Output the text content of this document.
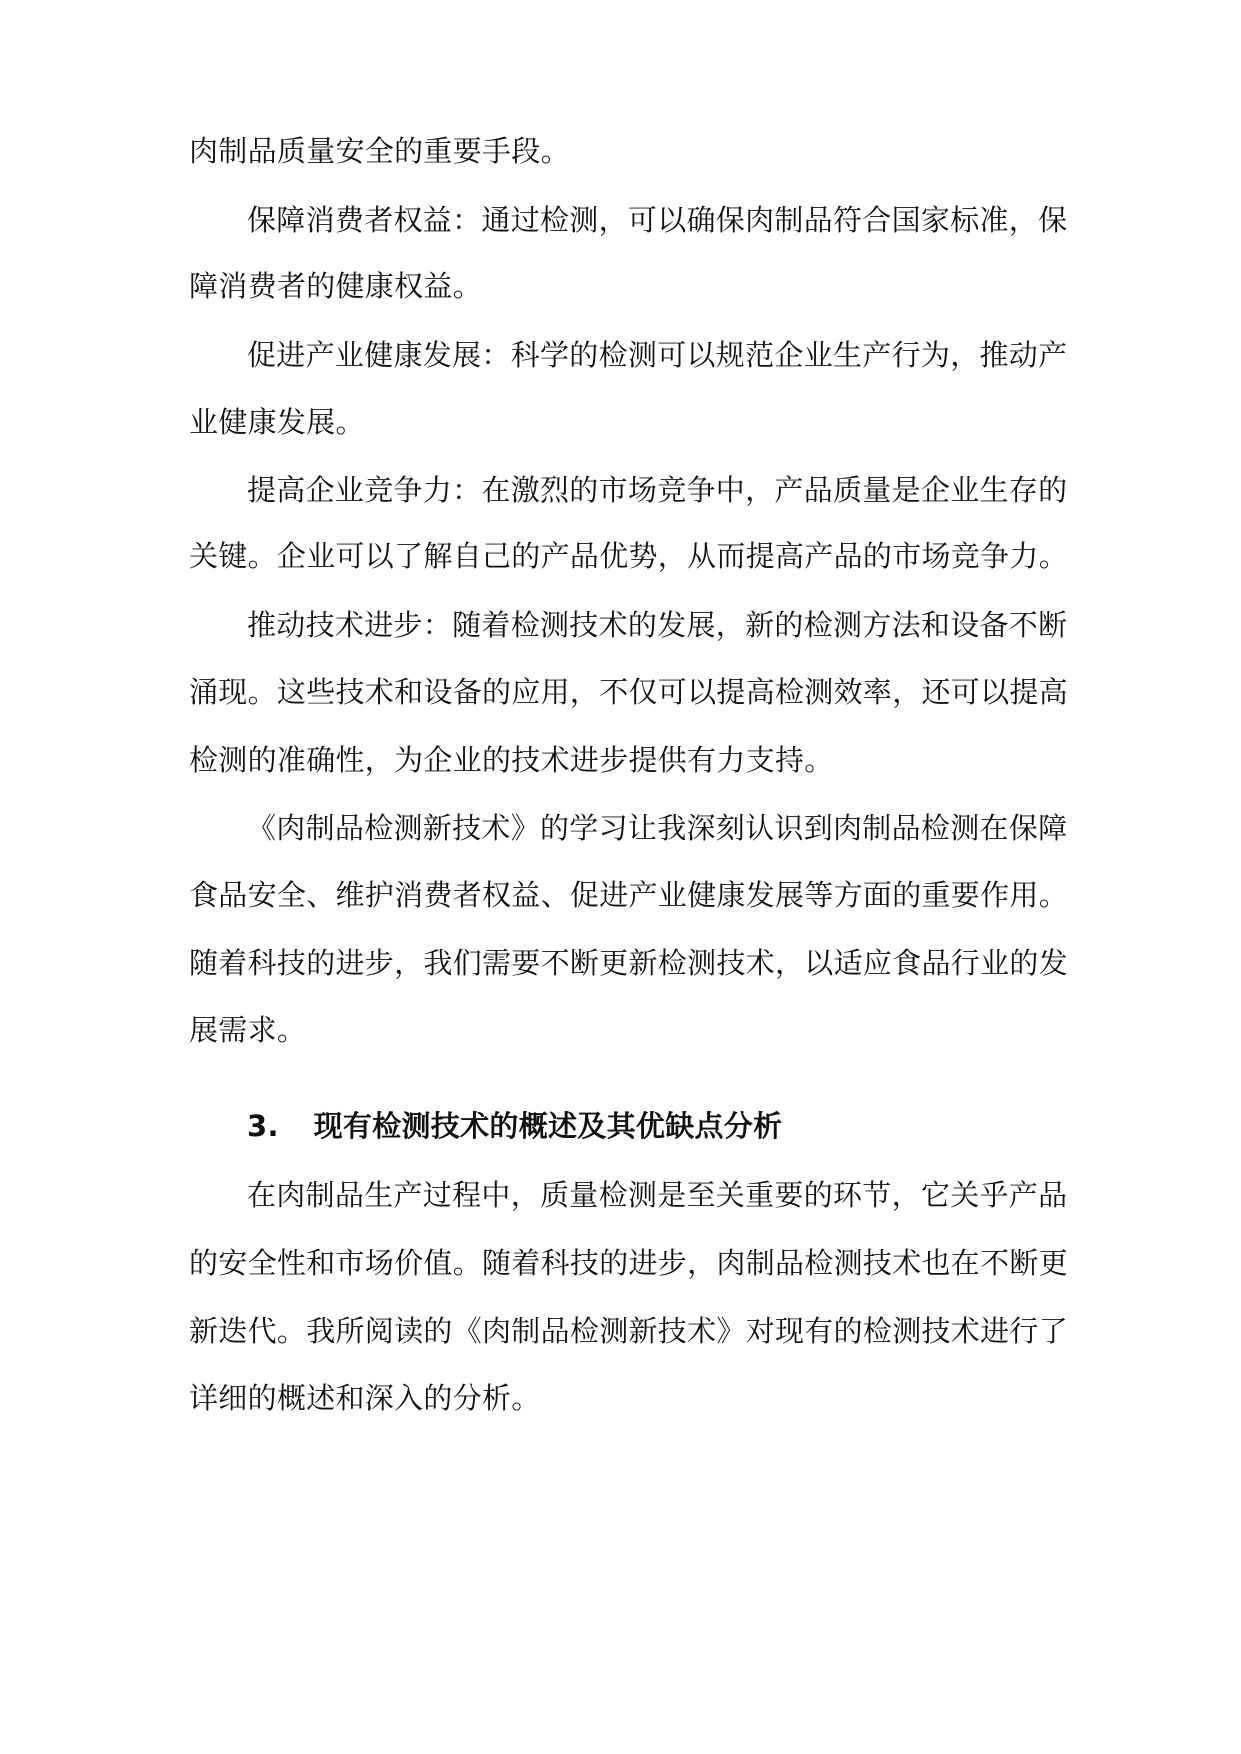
肉制品质量安全的重要手段。
保障消费者权益：通过检测，可以确保肉制品符合国家标准，保
障消费者的健康权益。
促进产业健康发展：科学的检测可以规范企业生产行为，推动产
业健康发展。
提高企业竞争力：在激烈的市场竞争中，产品质量是企业生存的
关键。企业可以了解自己的产品优势，从而提高产品的市场竞争力。
推动技术进步：随着检测技术的发展，新的检测方法和设备不断
涌现。这些技术和设备的应用，不仅可以提高检测效率，还可以提高
检测的准确性，为企业的技术进步提供有力支持。
《肉制品检测新技术》的学习让我深刻认识到肉制品检测在保障
食品安全、维护消费者权益、促进产业健康发展等方面的重要作用。
随着科技的进步，我们需要不断更新检测技术，以适应食品行业的发
展需求。
3. 现有检测技术的概述及其优缺点分析
在肉制品生产过程中，质量检测是至关重要的环节，它关乎产品
的安全性和市场价值。随着科技的进步，肉制品检测技术也在不断更
新迭代。我所阅读的《肉制品检测新技术》对现有的检测技术进行了
详细的概述和深入的分析。
